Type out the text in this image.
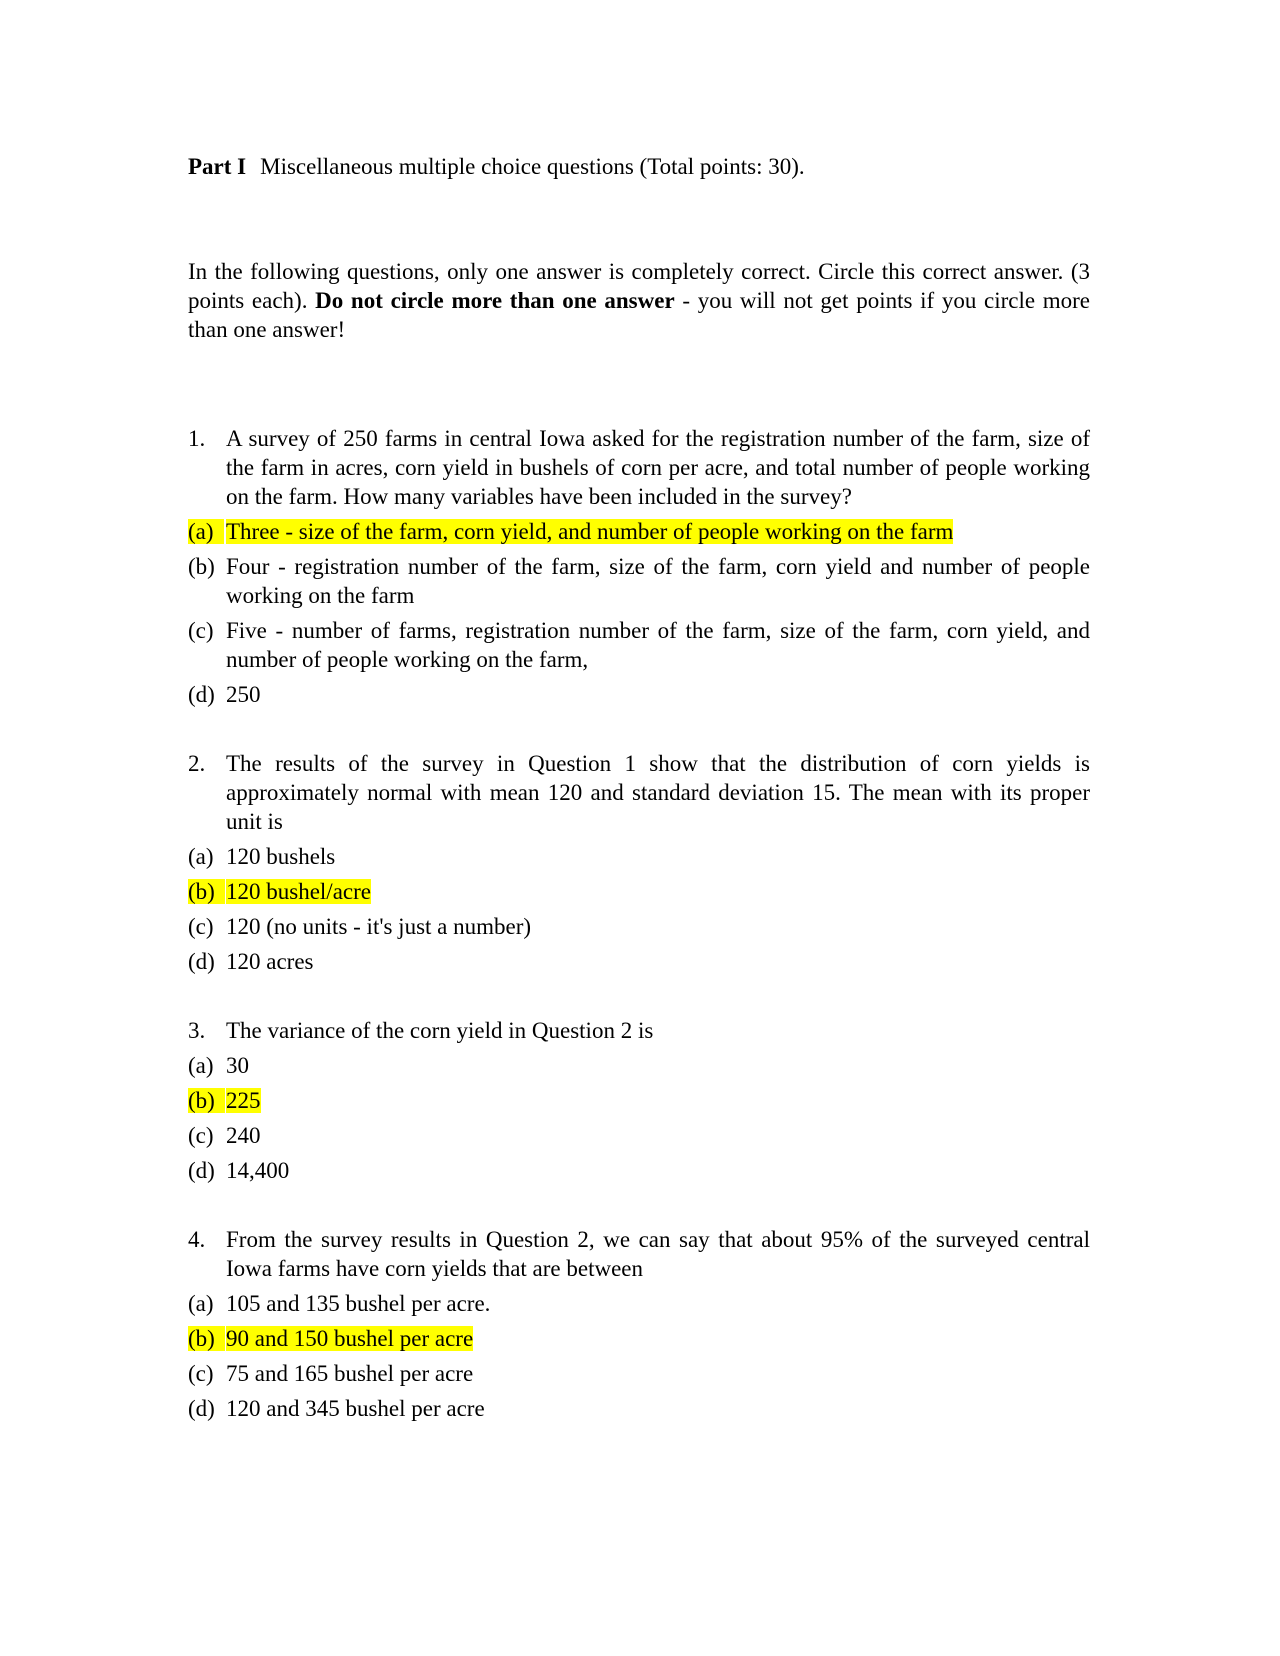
Part I Miscellaneous multiple choice questions (Total points: 30).
In the following questions, only one answer is completely correct. Circle this correct answer. (3 points each). Do not circle more than one answer - you will not get points if you circle more than one answer!
1. A survey of 250 farms in central Iowa asked for the registration number of the farm, size of the farm in acres, corn yield in bushels of corn per acre, and total number of people working on the farm. How many variables have been included in the survey?
(a) Three - size of the farm, corn yield, and number of people working on the farm
(b) Four - registration number of the farm, size of the farm, corn yield and number of people working on the farm
(c) Five - number of farms, registration number of the farm, size of the farm, corn yield, and number of people working on the farm,
(d) 250
2. The results of the survey in Question 1 show that the distribution of corn yields is approximately normal with mean 120 and standard deviation 15. The mean with its proper unit is
(a) 120 bushels
(b) 120 bushel/acre
(c) 120 (no units - it's just a number)
(d) 120 acres
3. The variance of the corn yield in Question 2 is
(a) 30
(b) 225
(c) 240
(d) 14,400
4. From the survey results in Question 2, we can say that about 95% of the surveyed central Iowa farms have corn yields that are between
(a) 105 and 135 bushel per acre.
(b) 90 and 150 bushel per acre
(c) 75 and 165 bushel per acre
(d) 120 and 345 bushel per acre
